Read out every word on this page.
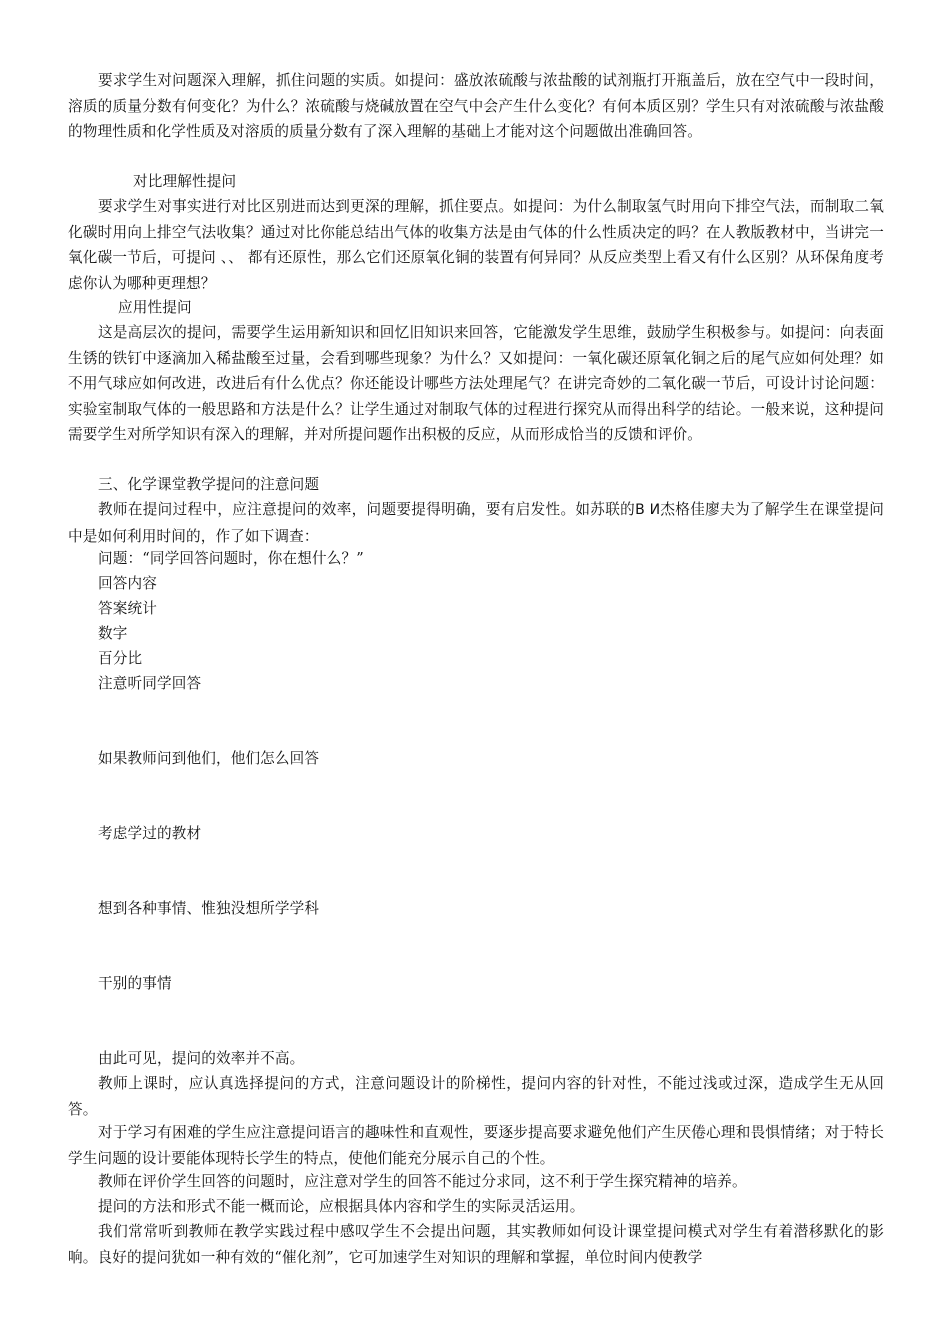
要求学生对问题深入理解，抓住问题的实质。如提问：盛放浓硫酸与浓盐酸的试剂瓶打开瓶盖后，放在空气中一段时间，溶质的质量分数有何变化？为什么？浓硫酸与烧碱放置在空气中会产生什么变化？有何本质区别？学生只有对浓硫酸与浓盐酸的物理性质和化学性质及对溶质的质量分数有了深入理解的基础上才能对这个问题做出准确回答。
对比理解性提问
要求学生对事实进行对比区别进而达到更深的理解，抓住要点。如提问：为什么制取氢气时用向下排空气法，而制取二氧化碳时用向上排空气法收集？通过对比你能总结出气体的收集方法是由气体的什么性质决定的吗？在人教版教材中，当讲完一氧化碳一节后，可提问 、、 都有还原性，那么它们还原氧化铜的装置有何异同？从反应类型上看又有什么区别？从环保角度考虑你认为哪种更理想？
应用性提问
这是高层次的提问，需要学生运用新知识和回忆旧知识来回答，它能激发学生思维，鼓励学生积极参与。如提问：向表面生锈的铁钉中逐滴加入稀盐酸至过量，会看到哪些现象？为什么？又如提问：一氧化碳还原氧化铜之后的尾气应如何处理？如不用气球应如何改进，改进后有什么优点？你还能设计哪些方法处理尾气？在讲完奇妙的二氧化碳一节后，可设计讨论问题：实验室制取气体的一般思路和方法是什么？让学生通过对制取气体的过程进行探究从而得出科学的结论。一般来说，这种提问需要学生对所学知识有深入的理解，并对所提问题作出积极的反应，从而形成恰当的反馈和评价。
三、化学课堂教学提问的注意问题
教师在提问过程中，应注意提问的效率，问题要提得明确，要有启发性。如苏联的В И杰格佳廖夫为了解学生在课堂提问中是如何利用时间的，作了如下调查：
问题：“同学回答问题时，你在想什么？”
回答内容
答案统计
数字
百分比
注意听同学回答
如果教师问到他们，他们怎么回答
考虑学过的教材
想到各种事情、惟独没想所学学科
干别的事情
由此可见，提问的效率并不高。
教师上课时，应认真选择提问的方式，注意问题设计的阶梯性，提问内容的针对性，不能过浅或过深，造成学生无从回答。
对于学习有困难的学生应注意提问语言的趣味性和直观性，要逐步提高要求避免他们产生厌倦心理和畏惧情绪；对于特长学生问题的设计要能体现特长学生的特点，使他们能充分展示自己的个性。
教师在评价学生回答的问题时，应注意对学生的回答不能过分求同，这不利于学生探究精神的培养。
提问的方法和形式不能一概而论，应根据具体内容和学生的实际灵活运用。
我们常常听到教师在教学实践过程中感叹学生不会提出问题，其实教师如何设计课堂提问模式对学生有着潜移默化的影响。良好的提问犹如一种有效的“催化剂”，它可加速学生对知识的理解和掌握，单位时间内使教学
